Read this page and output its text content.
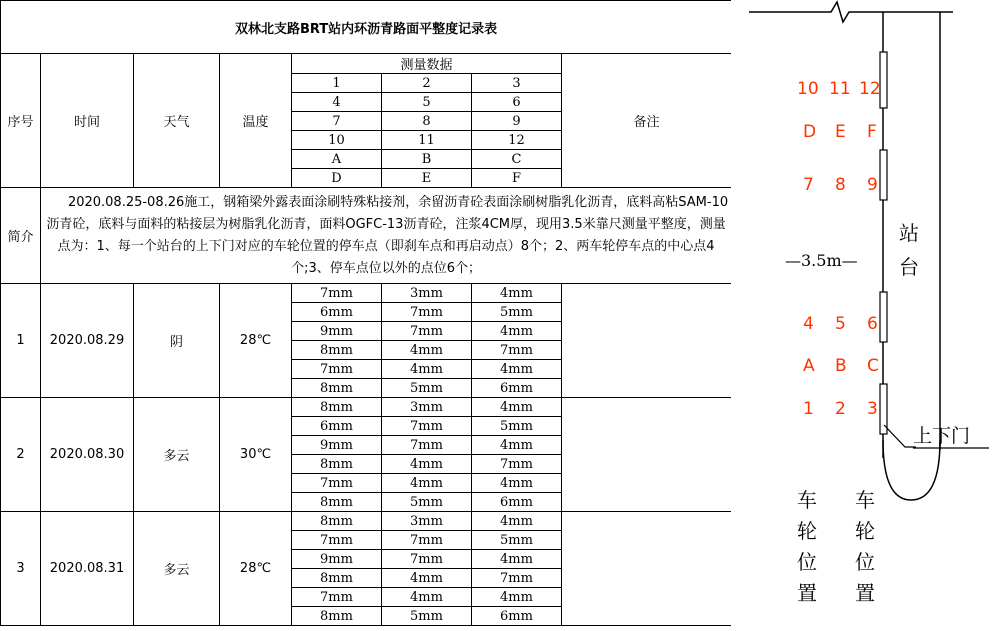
双林北支路BRT站内环沥青路面平整度记录表							
序号	时间	天气	温度	测量数据			备注
				1	2	3	
				4	5	6	
				7	8	9	
				10	11	12	
				A	B	C	
				D	E	F	
简介	2020.08.25-08.26施工，钢箱梁外露表面涂刷特殊粘接剂，余留沥青砼表面涂刷树脂乳化沥青，底料高粘SAM-10沥青砼，底料与面料的粘接层为树脂乳化沥青，面料OGFC-13沥青砼，注浆4CM厚，现用3.5米靠尺测量平整度，测量点为：1、每一个站台的上下门对应的车轮位置的停车点（即刹车点和再启动点）8个；2、两车轮停车点的中心点4个;3、停车点位以外的点位6个；						
1	2020.08.29	阴	28℃	7mm	3mm	4mm	
				6mm	7mm	5mm	
				9mm	7mm	4mm	
				8mm	4mm	7mm	
				7mm	4mm	4mm	
				8mm	5mm	6mm	
2	2020.08.30	多云	30℃	8mm	3mm	4mm	
				6mm	7mm	5mm	
				9mm	7mm	4mm	
				8mm	4mm	7mm	
				7mm	4mm	4mm	
				8mm	5mm	6mm	
3	2020.08.31	多云	28℃	8mm	3mm	4mm	
				7mm	7mm	5mm	
				9mm	7mm	4mm	
				8mm	4mm	7mm	
				7mm	4mm	4mm	
				8mm	5mm	6mm	
10 11 12
D E F
7 8 9
4 5 6
A B C
1 2 3
站台
—3.5m—
上下门
车轮位置
车轮位置
